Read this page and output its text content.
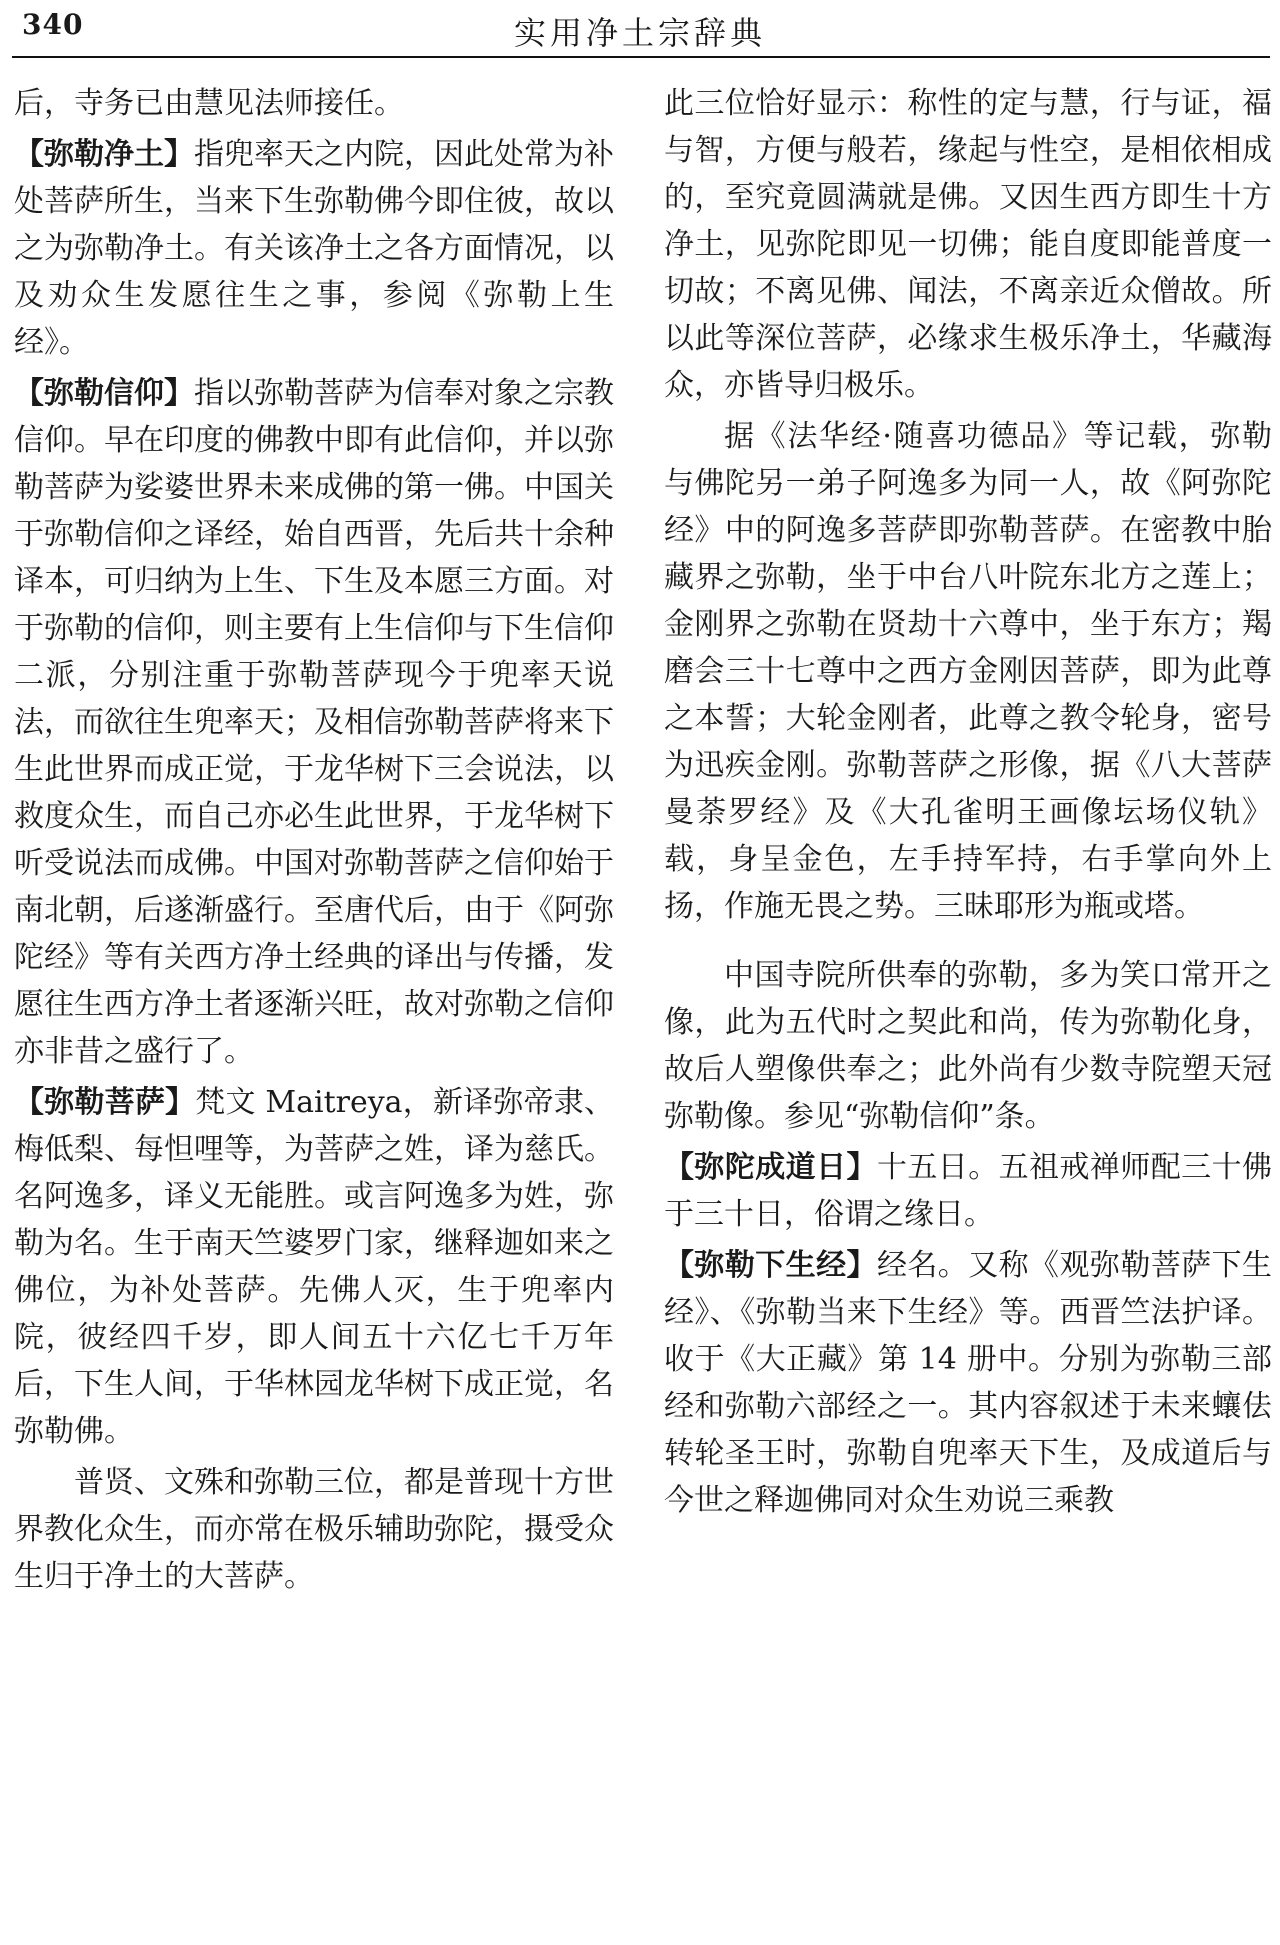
340	实用净土宗辞典

后，寺务已由慧见法师接任。

【弥勒净土】指兜率天之内院，因此处常为补处菩萨所生，当来下生弥勒佛今即住彼，故以之为弥勒净土。有关该净土之各方面情况，以及劝众生发愿往生之事，参阅《弥勒上生经》。

【弥勒信仰】指以弥勒菩萨为信奉对象之宗教信仰。早在印度的佛教中即有此信仰，并以弥勒菩萨为娑婆世界未来成佛的第一佛。中国关于弥勒信仰之译经，始自西晋，先后共十余种译本，可归纳为上生、下生及本愿三方面。对于弥勒的信仰，则主要有上生信仰与下生信仰二派，分别注重于弥勒菩萨现今于兜率天说法，而欲往生兜率天；及相信弥勒菩萨将来下生此世界而成正觉，于龙华树下三会说法，以救度众生，而自己亦必生此世界，于龙华树下听受说法而成佛。中国对弥勒菩萨之信仰始于南北朝，后遂渐盛行。至唐代后，由于《阿弥陀经》等有关西方净土经典的译出与传播，发愿往生西方净土者逐渐兴旺，故对弥勒之信仰亦非昔之盛行了。

【弥勒菩萨】梵文 Maitreya，新译弥帝隶、梅低梨、每怛哩等，为菩萨之姓，译为慈氏。名阿逸多，译义无能胜。或言阿逸多为姓，弥勒为名。生于南天竺婆罗门家，继释迦如来之佛位，为补处菩萨。先佛人灭，生于兜率内院，彼经四千岁，即人间五十六亿七千万年后，下生人间，于华林园龙华树下成正觉，名弥勒佛。

普贤、文殊和弥勒三位，都是普现十方世界教化众生，而亦常在极乐辅助弥陀，摄受众生归于净土的大菩萨。

此三位恰好显示：称性的定与慧，行与证，福与智，方便与般若，缘起与性空，是相依相成的，至究竟圆满就是佛。又因生西方即生十方净土，见弥陀即见一切佛；能自度即能普度一切故；不离见佛、闻法，不离亲近众僧故。所以此等深位菩萨，必缘求生极乐净土，华藏海众，亦皆导归极乐。

据《法华经·随喜功德品》等记载，弥勒与佛陀另一弟子阿逸多为同一人，故《阿弥陀经》中的阿逸多菩萨即弥勒菩萨。在密教中胎藏界之弥勒，坐于中台八叶院东北方之莲上；金刚界之弥勒在贤劫十六尊中，坐于东方；羯磨会三十七尊中之西方金刚因菩萨，即为此尊之本誓；大轮金刚者，此尊之教令轮身，密号为迅疾金刚。弥勒菩萨之形像，据《八大菩萨曼荼罗经》及《大孔雀明王画像坛场仪轨》载，身呈金色，左手持军持，右手掌向外上扬，作施无畏之势。三昧耶形为瓶或塔。

中国寺院所供奉的弥勒，多为笑口常开之像，此为五代时之契此和尚，传为弥勒化身，故后人塑像供奉之；此外尚有少数寺院塑天冠弥勒像。参见“弥勒信仰”条。

【弥陀成道日】十五日。五祖戒禅师配三十佛于三十日，俗谓之缘日。

【弥勒下生经】经名。又称《观弥勒菩萨下生经》、《弥勒当来下生经》等。西晋竺法护译。收于《大正藏》第 14 册中。分别为弥勒三部经和弥勒六部经之一。其内容叙述于未来蠰佉转轮圣王时，弥勒自兜率天下生，及成道后与今世之释迦佛同对众生劝说三乘教
